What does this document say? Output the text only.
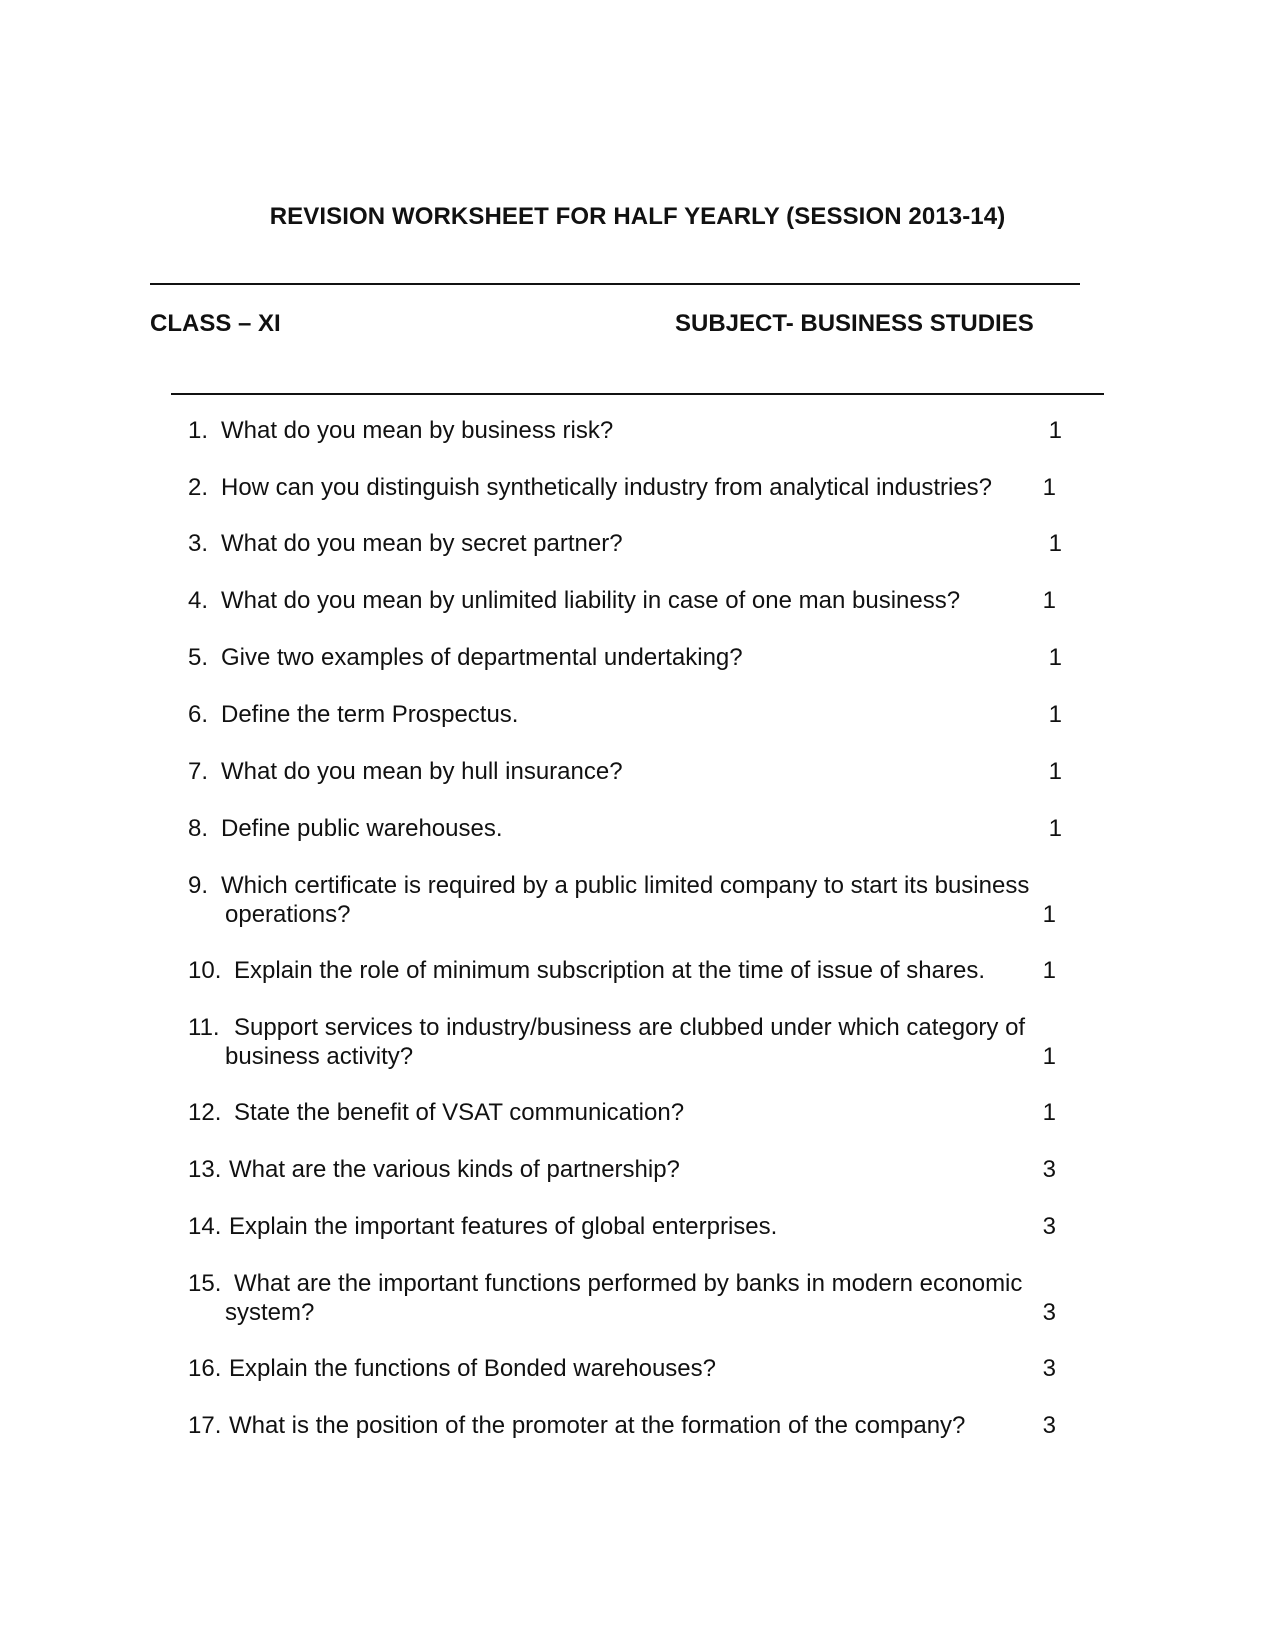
REVISION WORKSHEET FOR HALF YEARLY (SESSION 2013-14)
CLASS – XI	SUBJECT- BUSINESS STUDIES
1. What do you mean by business risk?	1
2. How can you distinguish synthetically industry from analytical industries? 1
3. What do you mean by secret partner?	1
4. What do you mean by unlimited liability in case of one man business?	1
5. Give two examples of departmental undertaking?	1
6. Define the term Prospectus.	1
7. What do you mean by hull insurance?	1
8. Define public warehouses.	1
9. Which certificate is required by a public limited company to start its business
operations?	1
10. Explain the role of minimum subscription at the time of issue of shares. 1
11. Support services to industry/business are clubbed under which category of
business activity?	1
12. State the benefit of VSAT communication?	1
13. What are the various kinds of partnership?	3
14. Explain the important features of global enterprises.	3
15. What are the important functions performed by banks in modern economic
system?	3
16. Explain the functions of Bonded warehouses?	3
17. What is the position of the promoter at the formation of the company?	3
